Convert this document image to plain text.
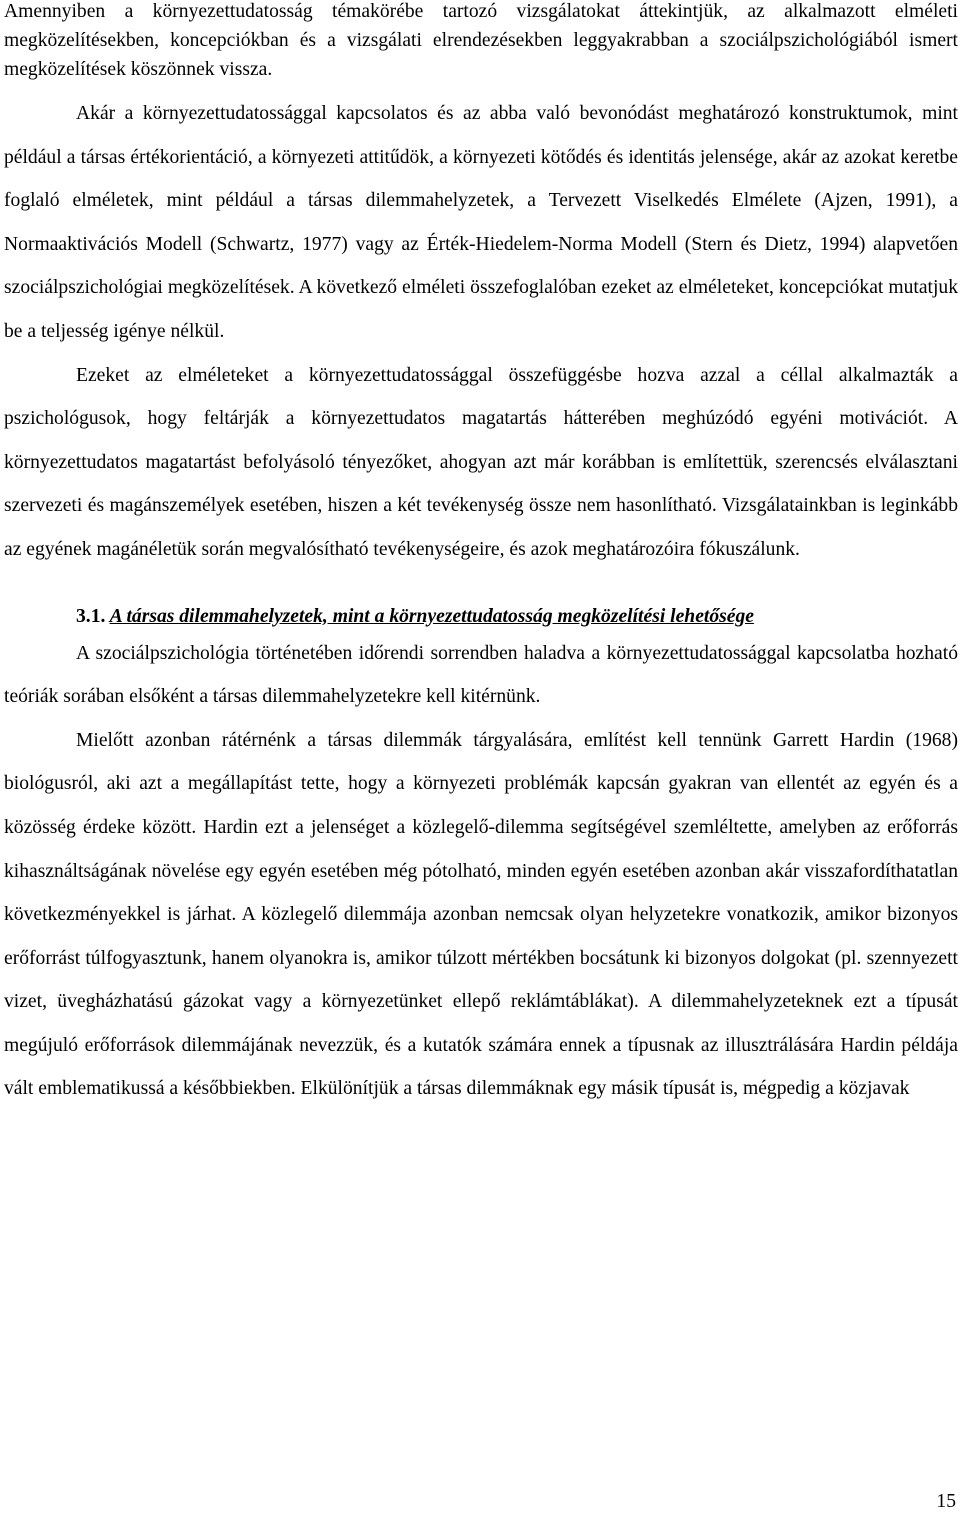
Amennyiben a környezettudatosság témakörébe tartozó vizsgálatokat áttekintjük, az alkalmazott elméleti megközelítésekben, koncepciókban és a vizsgálati elrendezésekben leggyakrabban a szociálpszichológiából ismert megközelítések köszönnek vissza.

Akár a környezettudatossággal kapcsolatos és az abba való bevonódást meghatározó konstruktumok, mint például a társas értékorientáció, a környezeti attitűdök, a környezeti kötődés és identitás jelensége, akár az azokat keretbe foglaló elméletek, mint például a társas dilemmahelyzetek, a Tervezett Viselkedés Elmélete (Ajzen, 1991), a Normaaktivációs Modell (Schwartz, 1977) vagy az Érték-Hiedelem-Norma Modell (Stern és Dietz, 1994) alapvetően szociálpszichológiai megközelítések. A következő elméleti összefoglalóban ezeket az elméleteket, koncepciókat mutatjuk be a teljesség igénye nélkül.

Ezeket az elméleteket a környezettudatossággal összefüggésbe hozva azzal a céllal alkalmazták a pszichológusok, hogy feltárják a környezettudatos magatartás hátterében meghúzódó egyéni motivációt. A környezettudatos magatartást befolyásoló tényezőket, ahogyan azt már korábban is említettük, szerencsés elválasztani szervezeti és magánszemélyek esetében, hiszen a két tevékenység össze nem hasonlítható. Vizsgálatainkban is leginkább az egyének magánéletük során megvalósítható tevékenységeire, és azok meghatározóira fókuszálunk.

3.1. A társas dilemmahelyzetek, mint a környezettudatosság megközelítési lehetősége

A szociálpszichológia történetében időrendi sorrendben haladva a környezettudatossággal kapcsolatba hozható teóriák sorában elsőként a társas dilemmahelyzetekre kell kitérnünk.

Mielőtt azonban rátérnénk a társas dilemmák tárgyalására, említést kell tennünk Garrett Hardin (1968) biológusról, aki azt a megállapítást tette, hogy a környezeti problémák kapcsán gyakran van ellentét az egyén és a közösség érdeke között. Hardin ezt a jelenséget a közlegelő-dilemma segítségével szemléltette, amelyben az erőforrás kihasználtságának növelése egy egyén esetében még pótolható, minden egyén esetében azonban akár visszafordíthatatlan következményekkel is járhat. A közlegelő dilemmája azonban nemcsak olyan helyzetekre vonatkozik, amikor bizonyos erőforrást túlfogyasztunk, hanem olyanokra is, amikor túlzott mértékben bocsátunk ki bizonyos dolgokat (pl. szennyezett vizet, üvegházhatású gázokat vagy a környezetünket ellepő reklámtáblákat). A dilemmahelyzeteknek ezt a típusát megújuló erőforrások dilemmájának nevezzük, és a kutatók számára ennek a típusnak az illusztrálására Hardin példája vált emblematikussá a későbbiekben. Elkülönítjük a társas dilemmáknak egy másik típusát is, mégpedig a közjavak

15
